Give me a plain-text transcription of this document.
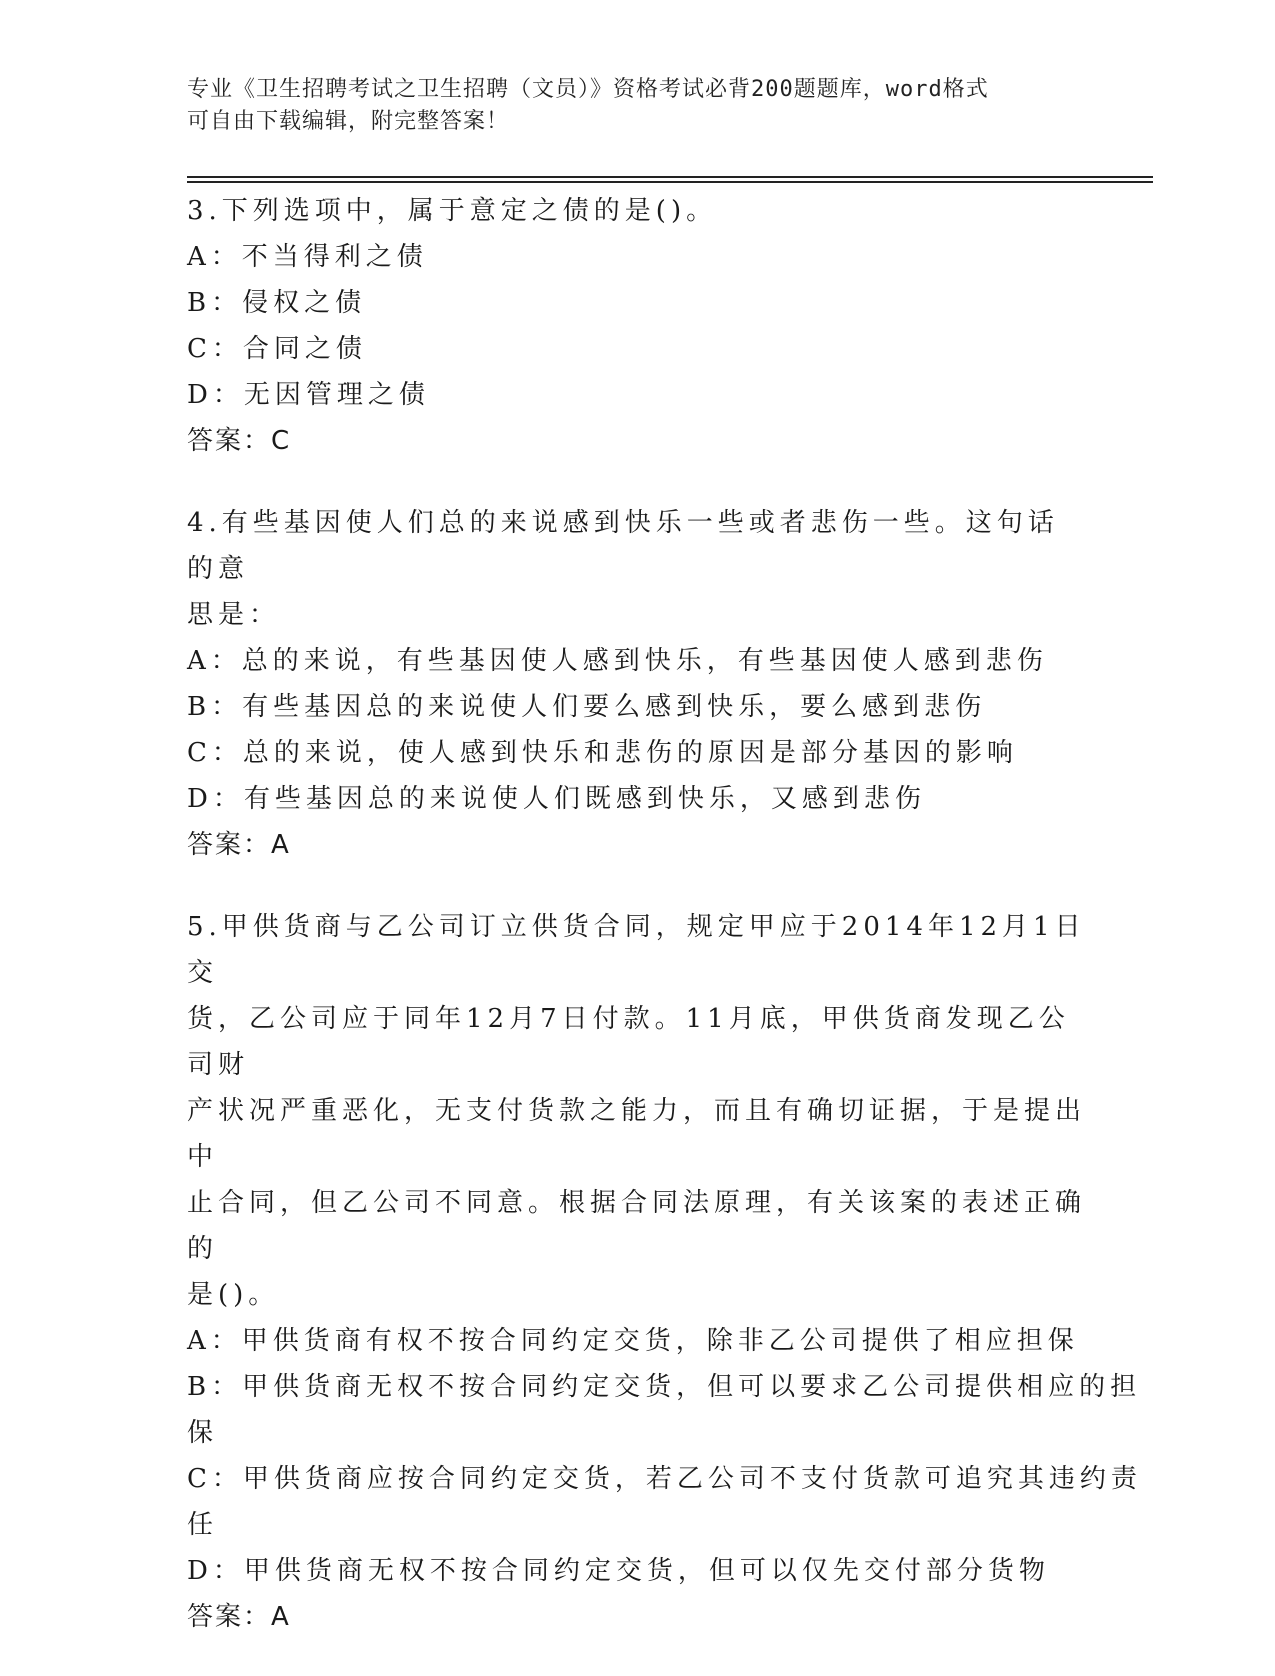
专业《卫生招聘考试之卫生招聘（文员）》资格考试必背200题题库，word格式
可自由下载编辑，附完整答案！
3.下列选项中，属于意定之债的是()。
A：不当得利之债
B：侵权之债
C：合同之债
D：无因管理之债
答案：C
4.有些基因使人们总的来说感到快乐一些或者悲伤一些。这句话的意
思是：
A：总的来说，有些基因使人感到快乐，有些基因使人感到悲伤
B：有些基因总的来说使人们要么感到快乐，要么感到悲伤
C：总的来说，使人感到快乐和悲伤的原因是部分基因的影响
D：有些基因总的来说使人们既感到快乐，又感到悲伤
答案：A
5.甲供货商与乙公司订立供货合同，规定甲应于2014年12月1日交
货，乙公司应于同年12月7日付款。11月底，甲供货商发现乙公司财
产状况严重恶化，无支付货款之能力，而且有确切证据，于是提出中
止合同，但乙公司不同意。根据合同法原理，有关该案的表述正确的
是()。
A：甲供货商有权不按合同约定交货，除非乙公司提供了相应担保
B：甲供货商无权不按合同约定交货，但可以要求乙公司提供相应的担
保
C：甲供货商应按合同约定交货，若乙公司不支付货款可追究其违约责
任
D：甲供货商无权不按合同约定交货，但可以仅先交付部分货物
答案：A
